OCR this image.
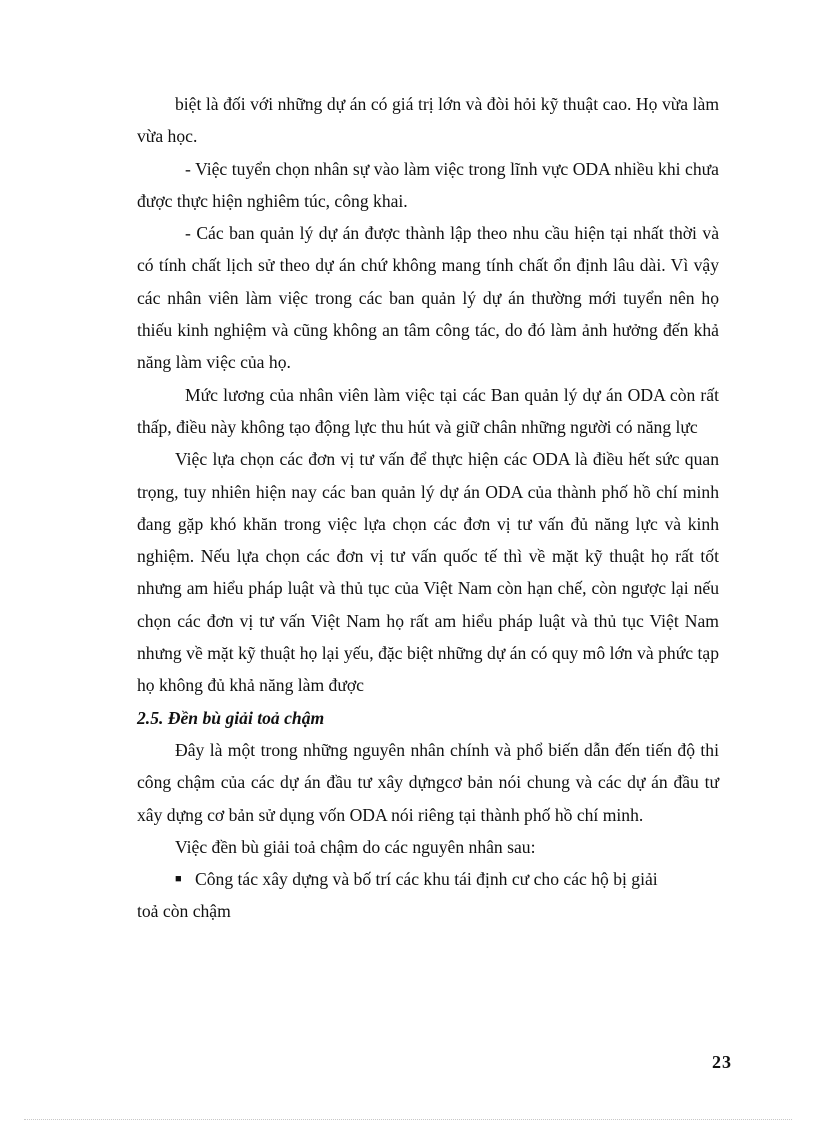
biệt là đối với những dự án có giá trị lớn và đòi hỏi kỹ thuật cao. Họ vừa làm vừa học.

- Việc tuyển chọn nhân sự vào làm việc trong lĩnh vực ODA nhiều khi chưa được thực hiện nghiêm túc, công khai.

- Các ban quản lý dự án được thành lập theo nhu cầu hiện tại nhất thời và có tính chất lịch sử theo dự án chứ không mang tính chất ổn định lâu dài. Vì vậy các nhân viên làm việc trong các ban quản lý dự án thường mới tuyển nên họ thiếu kinh nghiệm và cũng không an tâm công tác, do đó làm ảnh hưởng đến khả năng làm việc của họ.

Mức lương của nhân viên làm việc tại các Ban quản lý dự án ODA còn rất thấp, điều này không tạo động lực thu hút và giữ chân những người có năng lực

Việc lựa chọn các đơn vị tư vấn để thực hiện các ODA là điều hết sức quan trọng, tuy nhiên hiện nay các ban quản lý dự án ODA của thành phố hồ chí minh đang gặp khó khăn trong việc lựa chọn các đơn vị tư vấn đủ năng lực và kinh nghiệm. Nếu lựa chọn các đơn vị tư vấn quốc tế thì về mặt kỹ thuật họ rất tốt nhưng am hiểu pháp luật và thủ tục của Việt Nam còn hạn chế, còn ngược lại nếu chọn các đơn vị tư vấn Việt Nam họ rất am hiểu pháp luật và thủ tục Việt Nam nhưng về mặt kỹ thuật họ lại yếu, đặc biệt những dự án có quy mô lớn và phức tạp họ không đủ khả năng làm được

2.5. Đền bù giải toả chậm

Đây là một trong những nguyên nhân chính và phổ biến dẫn đến tiến độ thi công chậm của các dự án đầu tư xây dựngcơ bản nói chung và các dự án đầu tư xây dựng cơ bản sử dụng vốn ODA nói riêng tại thành phố hồ chí minh.

Việc đền bù giải toả chậm do các nguyên nhân sau:

■ Công tác xây dựng và bố trí các khu tái định cư cho các hộ bị giải

toả còn chậm

23
